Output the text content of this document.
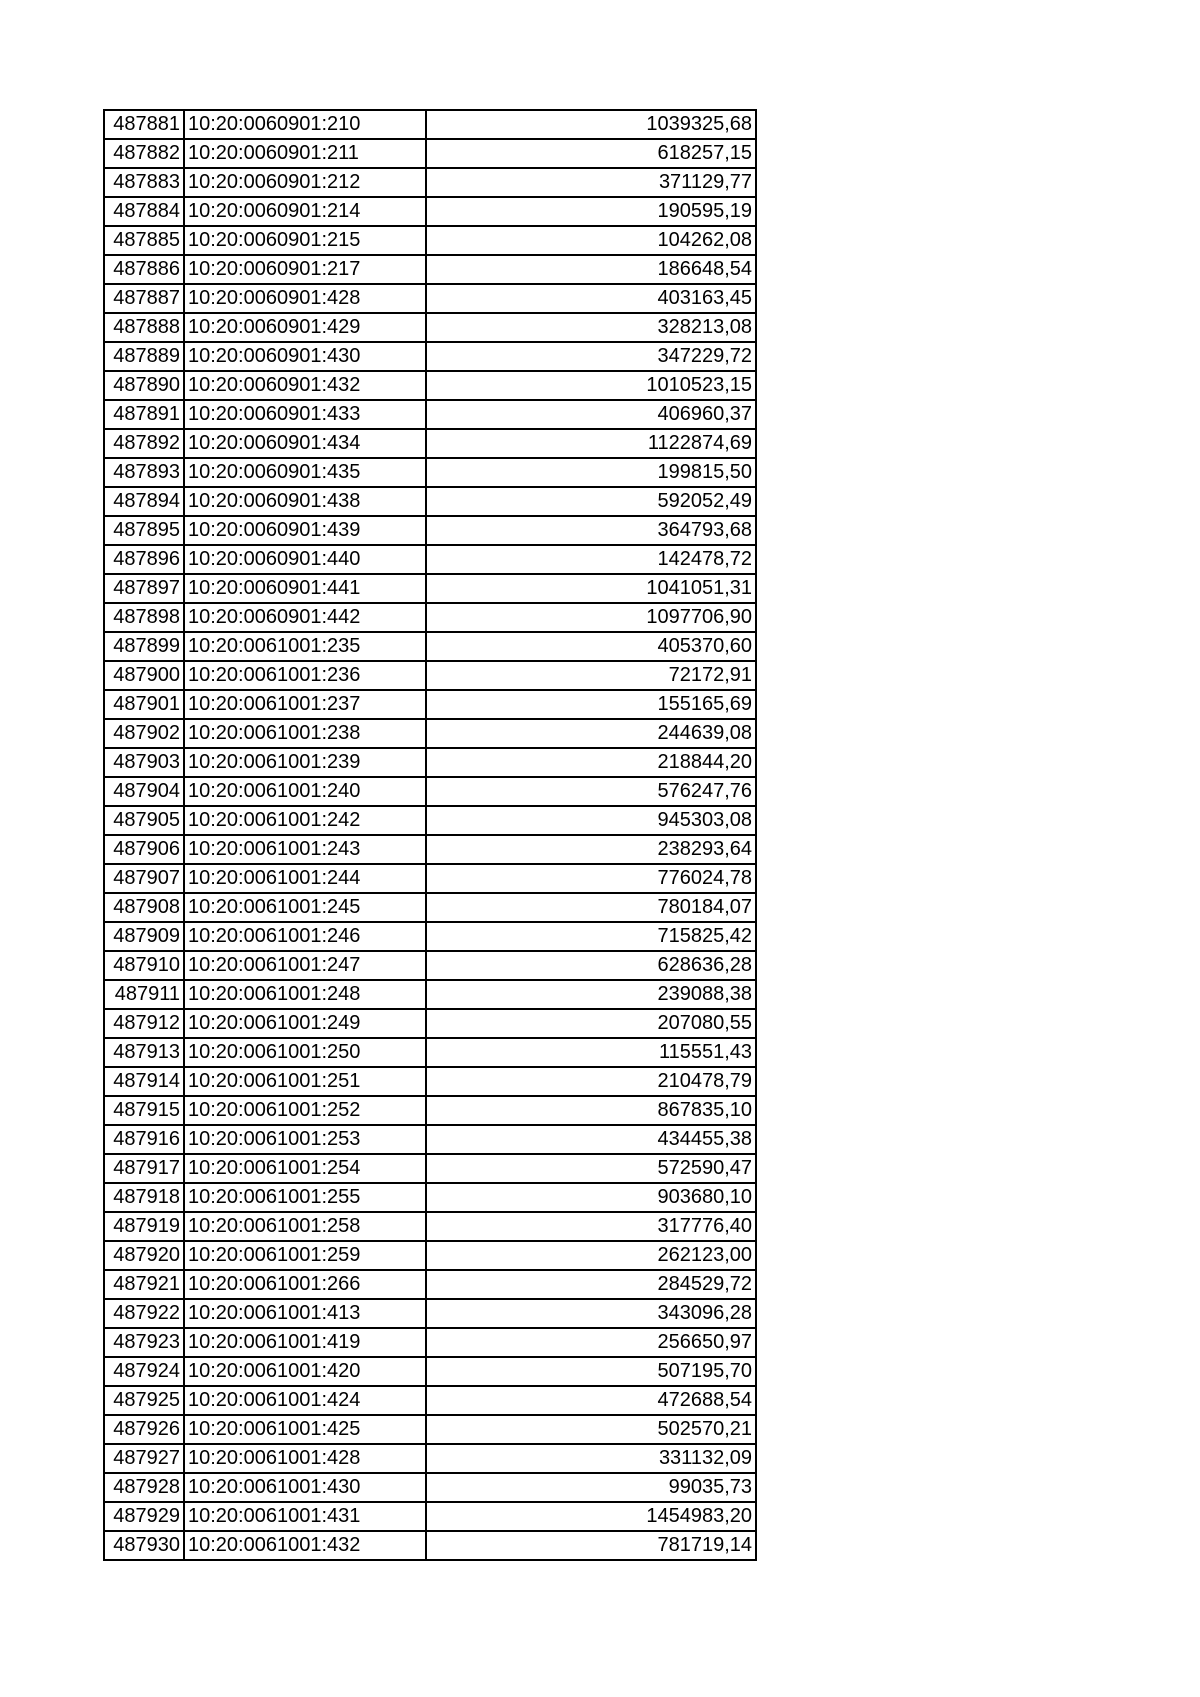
487881	10:20:0060901:210	1039325,68
487882	10:20:0060901:211	618257,15
487883	10:20:0060901:212	371129,77
487884	10:20:0060901:214	190595,19
487885	10:20:0060901:215	104262,08
487886	10:20:0060901:217	186648,54
487887	10:20:0060901:428	403163,45
487888	10:20:0060901:429	328213,08
487889	10:20:0060901:430	347229,72
487890	10:20:0060901:432	1010523,15
487891	10:20:0060901:433	406960,37
487892	10:20:0060901:434	1122874,69
487893	10:20:0060901:435	199815,50
487894	10:20:0060901:438	592052,49
487895	10:20:0060901:439	364793,68
487896	10:20:0060901:440	142478,72
487897	10:20:0060901:441	1041051,31
487898	10:20:0060901:442	1097706,90
487899	10:20:0061001:235	405370,60
487900	10:20:0061001:236	72172,91
487901	10:20:0061001:237	155165,69
487902	10:20:0061001:238	244639,08
487903	10:20:0061001:239	218844,20
487904	10:20:0061001:240	576247,76
487905	10:20:0061001:242	945303,08
487906	10:20:0061001:243	238293,64
487907	10:20:0061001:244	776024,78
487908	10:20:0061001:245	780184,07
487909	10:20:0061001:246	715825,42
487910	10:20:0061001:247	628636,28
487911	10:20:0061001:248	239088,38
487912	10:20:0061001:249	207080,55
487913	10:20:0061001:250	115551,43
487914	10:20:0061001:251	210478,79
487915	10:20:0061001:252	867835,10
487916	10:20:0061001:253	434455,38
487917	10:20:0061001:254	572590,47
487918	10:20:0061001:255	903680,10
487919	10:20:0061001:258	317776,40
487920	10:20:0061001:259	262123,00
487921	10:20:0061001:266	284529,72
487922	10:20:0061001:413	343096,28
487923	10:20:0061001:419	256650,97
487924	10:20:0061001:420	507195,70
487925	10:20:0061001:424	472688,54
487926	10:20:0061001:425	502570,21
487927	10:20:0061001:428	331132,09
487928	10:20:0061001:430	99035,73
487929	10:20:0061001:431	1454983,20
487930	10:20:0061001:432	781719,14
